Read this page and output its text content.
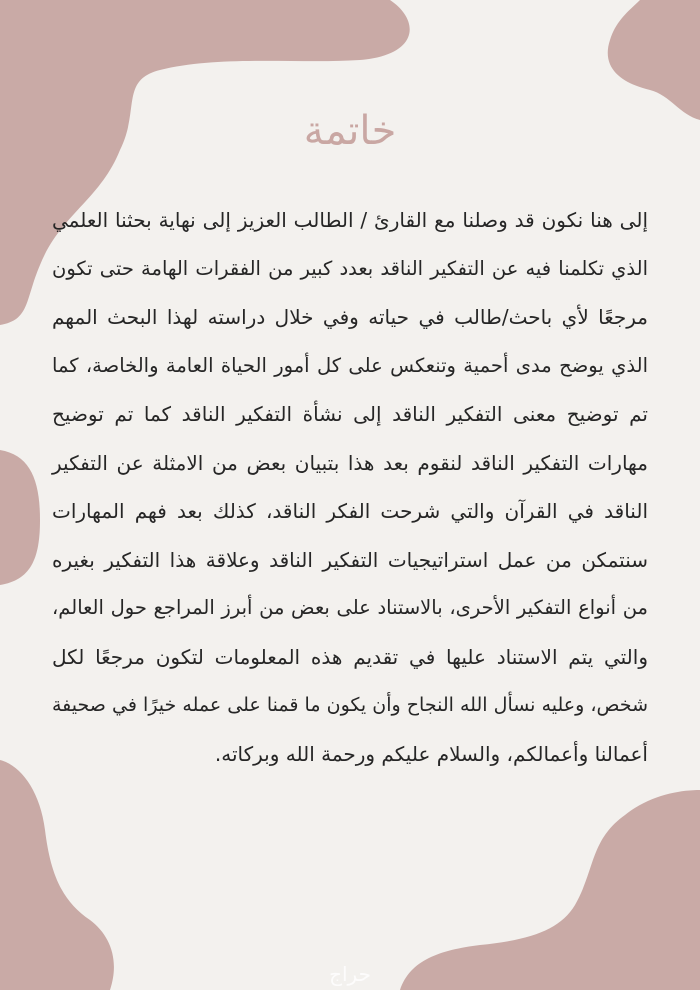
خاتمة
إلى هنا نكون قد وصلنا مع القارئ / الطالب العزيز إلى نهاية بحثنا العلمي
الذي تكلمنا فيه عن التفكير الناقد بعدد كبير من الفقرات الهامة حتى تكون
مرجعًا لأي باحث/طالب في حياته وفي خلال دراسته لهذا البحث المهم
الذي يوضح مدى أحمية وتنعكس على كل أمور الحياة العامة والخاصة، كما
تم توضيح معنى التفكير الناقد إلى نشأة التفكير الناقد كما تم توضيح
مهارات التفكير الناقد لنقوم بعد هذا بتبيان بعض من الامثلة عن التفكير
الناقد في القرآن والتي شرحت الفكر الناقد، كذلك بعد فهم المهارات
سنتمكن من عمل استراتيجيات التفكير الناقد وعلاقة هذا التفكير بغيره
من أنواع التفكير الأحرى، بالاستناد على بعض من أبرز المراجع حول العالم،
والتي يتم الاستناد عليها في تقديم هذه المعلومات لتكون مرجعًا لكل
شخص، وعليه نسأل الله النجاح وأن يكون ما قمنا على عمله خيرًا في صحيفة
أعمالنا وأعمالكم، والسلام عليكم ورحمة الله وبركاته.
حراج
